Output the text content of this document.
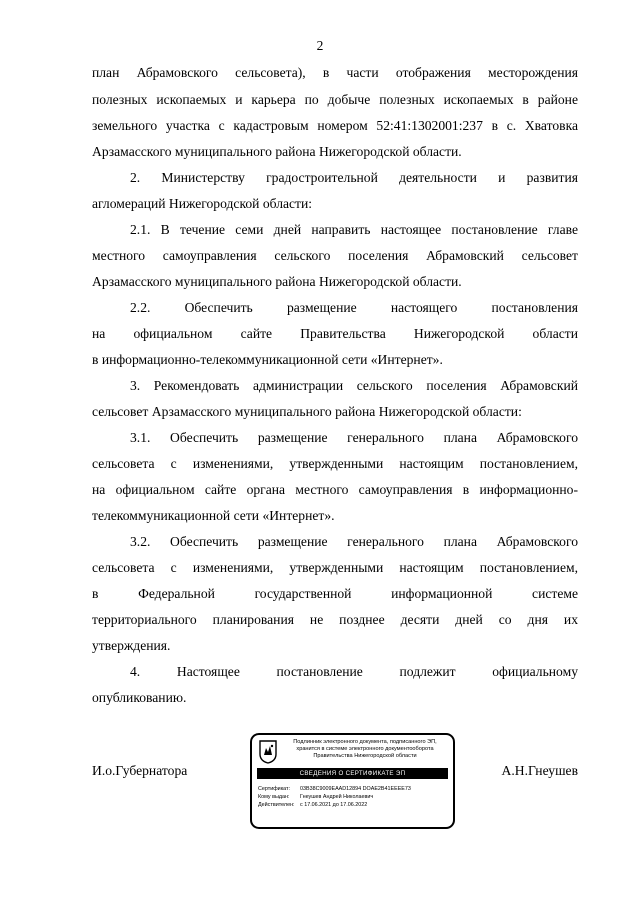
2
план Абрамовского сельсовета), в части отображения месторождения
полезных ископаемых и карьера по добыче полезных ископаемых в районе
земельного участка с кадастровым номером 52:41:1302001:237 в с. Хватовка
Арзамасского муниципального района Нижегородской области.
2. Министерству градостроительной деятельности и развития
агломераций Нижегородской области:
2.1. В течение семи дней направить настоящее постановление главе
местного самоуправления сельского поселения Абрамовский сельсовет
Арзамасского муниципального района Нижегородской области.
2.2. Обеспечить размещение настоящего постановления
на официальном сайте Правительства Нижегородской области
в информационно-телекоммуникационной сети «Интернет».
3. Рекомендовать администрации сельского поселения Абрамовский
сельсовет Арзамасского муниципального района Нижегородской области:
3.1. Обеспечить размещение генерального плана Абрамовского
сельсовета с изменениями, утвержденными настоящим постановлением,
на официальном сайте органа местного самоуправления в информационно-
телекоммуникационной сети «Интернет».
3.2. Обеспечить размещение генерального плана Абрамовского
сельсовета с изменениями, утвержденными настоящим постановлением,
в Федеральной государственной информационной системе
территориального планирования не позднее десяти дней со дня их
утверждения.
4. Настоящее постановление подлежит официальному
опубликованию.
И.о.Губернатора	А.Н.Гнеушев
Подлинник электронного документа, подписанного ЭП,
хранится в системе электронного документооборота
Правительства Нижегородской области
СВЕДЕНИЯ О СЕРТИФИКАТЕ ЭП
Сертификат: 03B38C9009EAAD12894 DOAE2B41EEEE73
Кому выдан: Гнеушев Андрей Николаевич
Действителен: с 17.06.2021 до 17.06.2022
